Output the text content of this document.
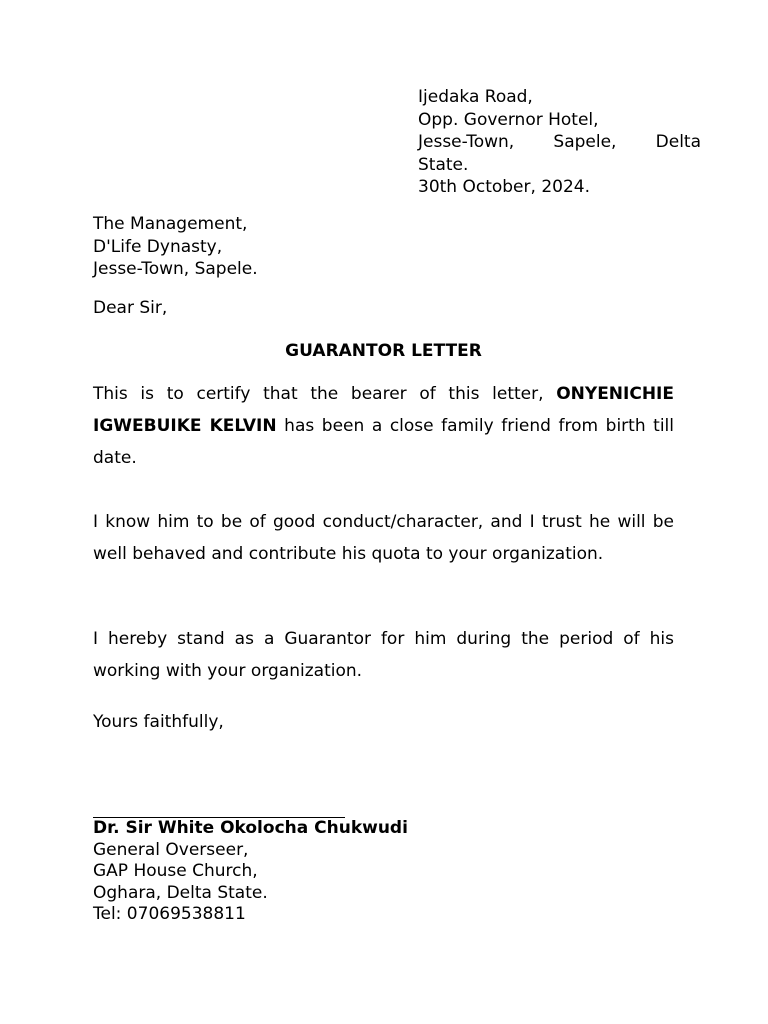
Ijedaka Road,
Opp. Governor Hotel,
Jesse-Town, Sapele, Delta
State.
30th October, 2024.
The Management,
D'Life Dynasty,
Jesse-Town, Sapele.
Dear Sir,
GUARANTOR LETTER

This is to certify that the bearer of this letter, ONYENICHIE IGWEBUIKE KELVIN has been a close family friend from birth till date.

I know him to be of good conduct/character, and I trust he will be well behaved and contribute his quota to your organization.

I hereby stand as a Guarantor for him during the period of his working with your organization.

Yours faithfully,
Dr. Sir White Okolocha Chukwudi
General Overseer,
GAP House Church,
Oghara, Delta State.
Tel: 07069538811
